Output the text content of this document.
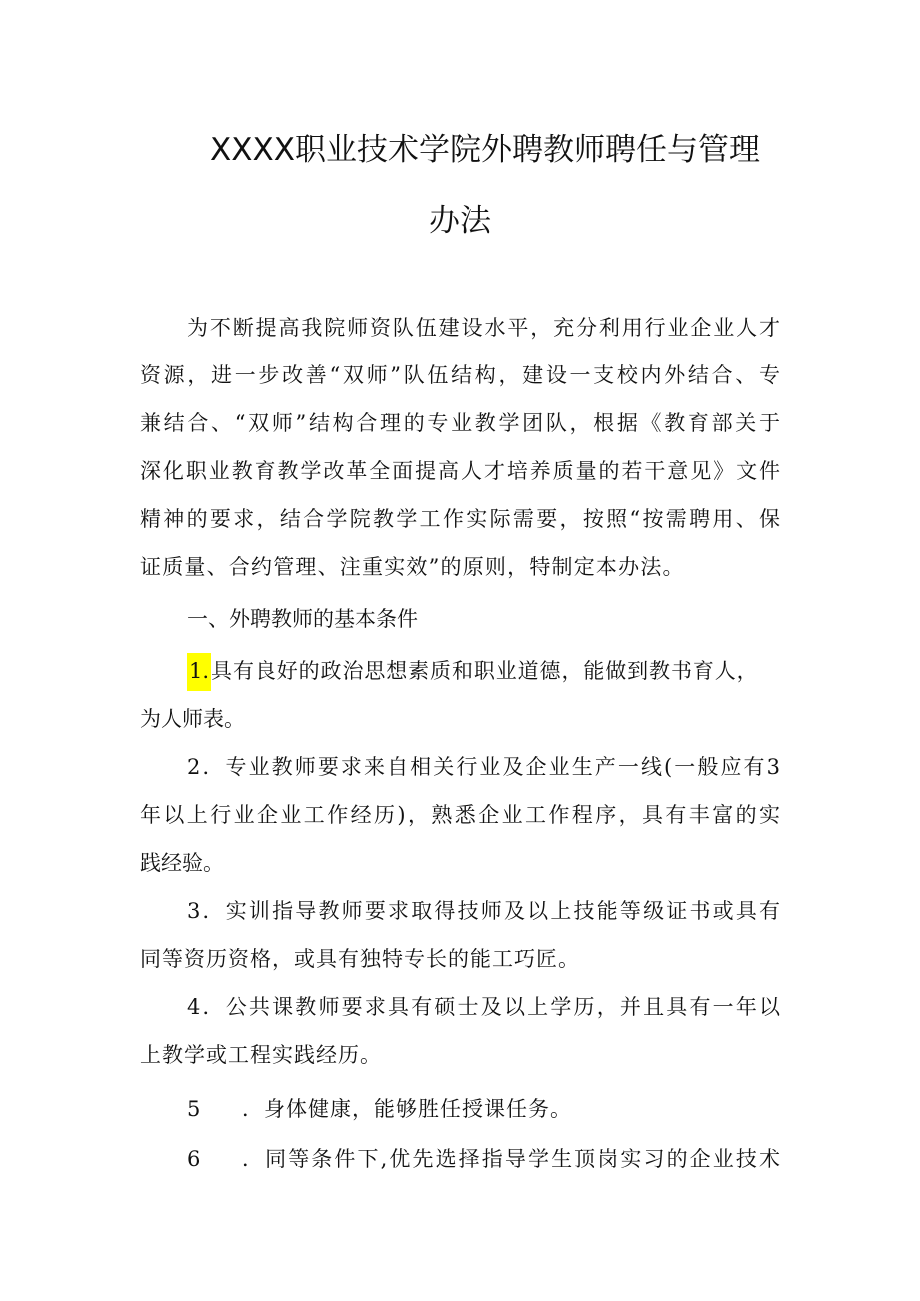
XXXX职业技术学院外聘教师聘任与管理
办法
为不断提高我院师资队伍建设水平，充分利用行业企业人才
资源，进一步改善“双师”队伍结构，建设一支校内外结合、专
兼结合、“双师”结构合理的专业教学团队，根据《教育部关于
深化职业教育教学改革全面提高人才培养质量的若干意见》文件
精神的要求，结合学院教学工作实际需要，按照“按需聘用、保
证质量、合约管理、注重实效”的原则，特制定本办法。
一、外聘教师的基本条件
1.具有良好的政治思想素质和职业道德，能做到教书育人，
为人师表。
2．专业教师要求来自相关行业及企业生产一线(一般应有3
年以上行业企业工作经历)，熟悉企业工作程序，具有丰富的实
践经验。
3．实训指导教师要求取得技师及以上技能等级证书或具有
同等资历资格，或具有独特专长的能工巧匠。
4．公共课教师要求具有硕士及以上学历，并且具有一年以
上教学或工程实践经历。
5	．身体健康，能够胜任授课任务。
6	．同等条件下,优先选择指导学生顶岗实习的企业技术
